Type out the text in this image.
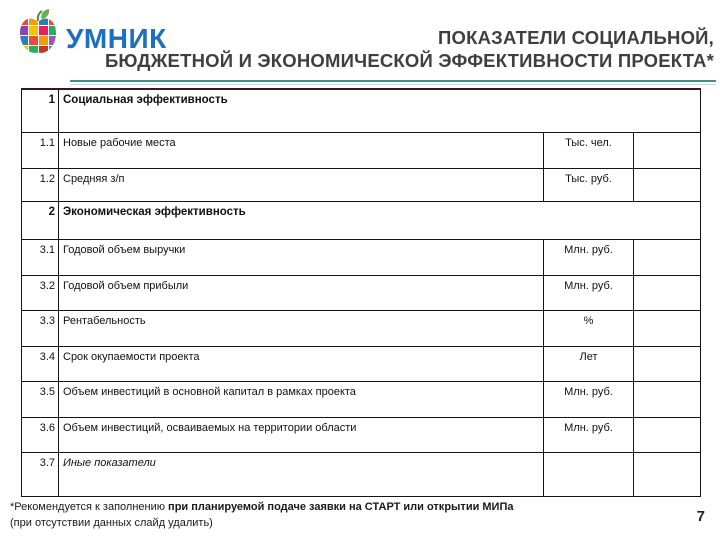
УМНИК	ПОКАЗАТЕЛИ СОЦИАЛЬНОЙ,
БЮДЖЕТНОЙ И ЭКОНОМИЧЕСКОЙ ЭФФЕКТИВНОСТИ ПРОЕКТА*
1	Социальная эффективность		
1.1	Новые рабочие места	Тыс. чел.	
1.2	Средняя з/п	Тыс. руб.	
2	Экономическая эффективность		
3.1	Годовой объем выручки	Млн. руб.	
3.2	Годовой объем прибыли	Млн. руб.	
3.3	Рентабельность	%	
3.4	Срок окупаемости проекта	Лет	
3.5	Объем инвестиций в основной капитал в рамках проекта	Млн. руб.	
3.6	Объем инвестиций, осваиваемых на территории области	Млн. руб.	
3.7	Иные показатели		
*Рекомендуется к заполнению при планируемой подаче заявки на СТАРТ или открытии МИПа
(при отсутствии данных слайд удалить)	7
